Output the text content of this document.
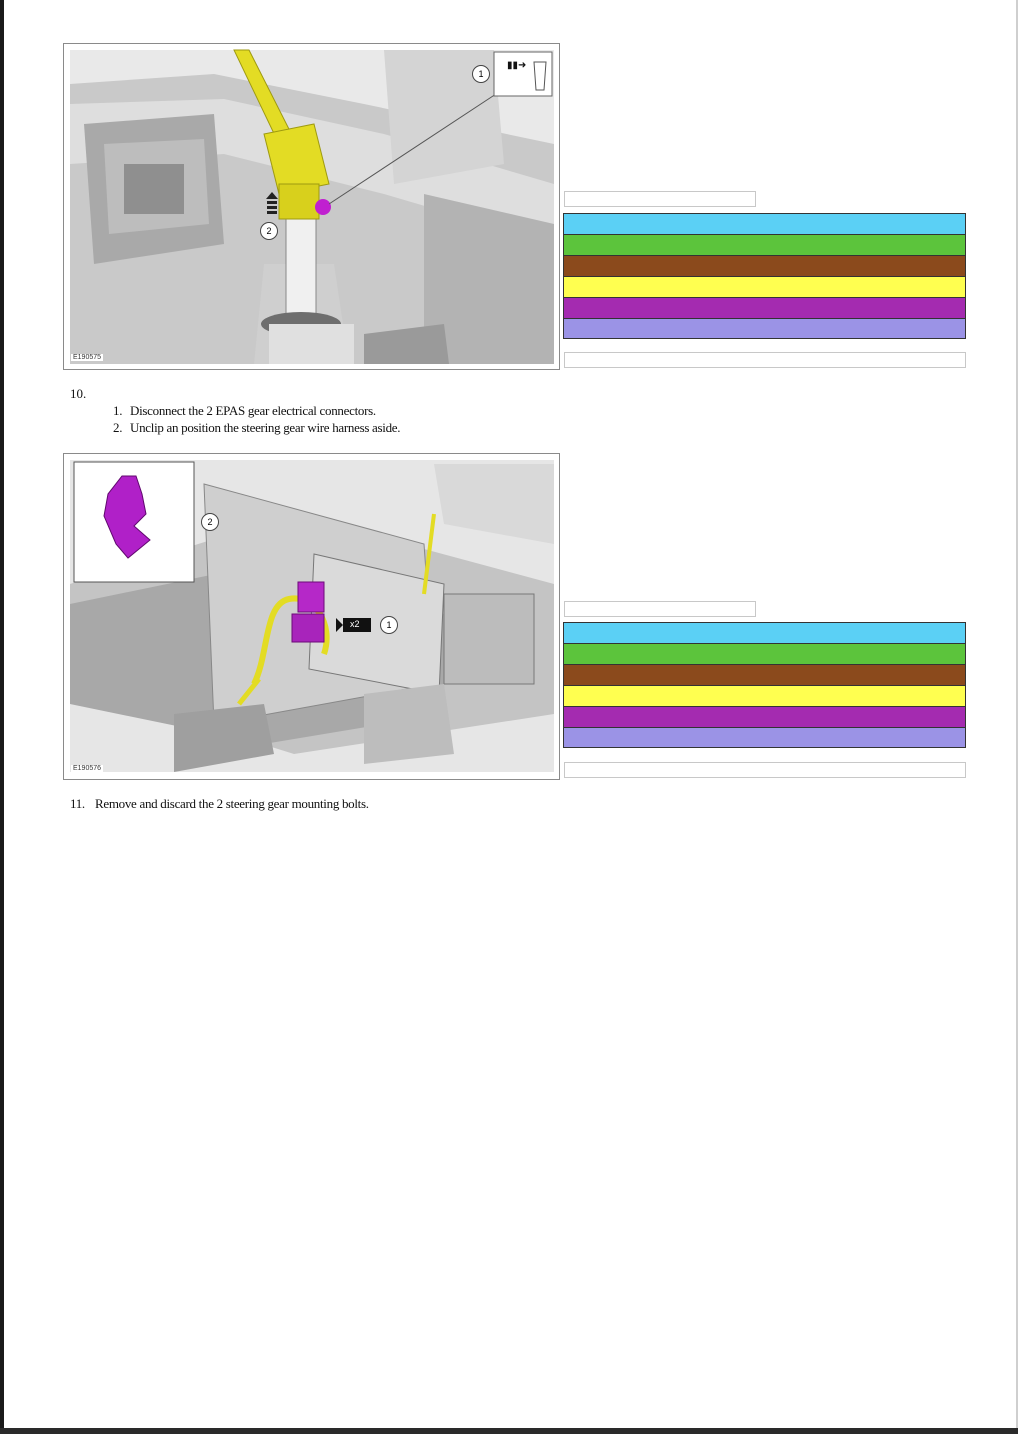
▮▮➜
1
2
E190575
10.
1. Disconnect the 2 EPAS gear electrical connectors.
2. Unclip an position the steering gear wire harness aside.
x2
2
1
E190576
11. Remove and discard the 2 steering gear mounting bolts.
